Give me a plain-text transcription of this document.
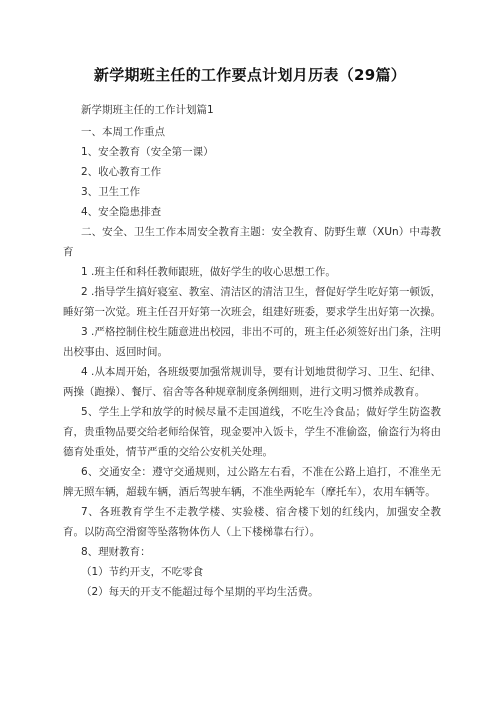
新学期班主任的工作要点计划月历表（29篇）
新学期班主任的工作计划篇1
一、本周工作重点
1、安全教育（安全第一课）
2、收心教育工作
3、卫生工作
4、安全隐患排查
二、安全、卫生工作本周安全教育主题：安全教育、防野生蕈（XUn）中毒教育
1 .班主任和科任教师跟班，做好学生的收心思想工作。
2 .指导学生搞好寝室、教室、清洁区的清洁卫生，督促好学生吃好第一顿饭，睡好第一次觉。班主任召开好第一次班会，组建好班委，要求学生出好第一次操。
3 .严格控制住校生随意进出校园，非出不可的，班主任必须签好出门条，注明出校事由、返回时间。
4 .从本周开始，各班级要加强常规训导，要有计划地贯彻学习、卫生、纪律、两操（跑操）、餐厅、宿舍等各种规章制度条例细则，进行文明习惯养成教育。
5、学生上学和放学的时候尽量不走国道线，不吃生冷食品；做好学生防盗教育，贵重物品要交给老师给保管，现金要冲入饭卡，学生不准偷盗，偷盗行为将由德育处重处，情节严重的交给公安机关处理。
6、交通安全：遵守交通规则，过公路左右看，不准在公路上追打，不准坐无牌无照车辆，超载车辆，酒后驾驶车辆，不准坐两轮车（摩托车），农用车辆等。
7、各班教育学生不走教学楼、实验楼、宿舍楼下划的红线内，加强安全教育。以防高空滑窗等坠落物体伤人（上下楼梯靠右行）。
8、理财教育：
（1）节约开支，不吃零食
（2）每天的开支不能超过每个星期的平均生活费。
